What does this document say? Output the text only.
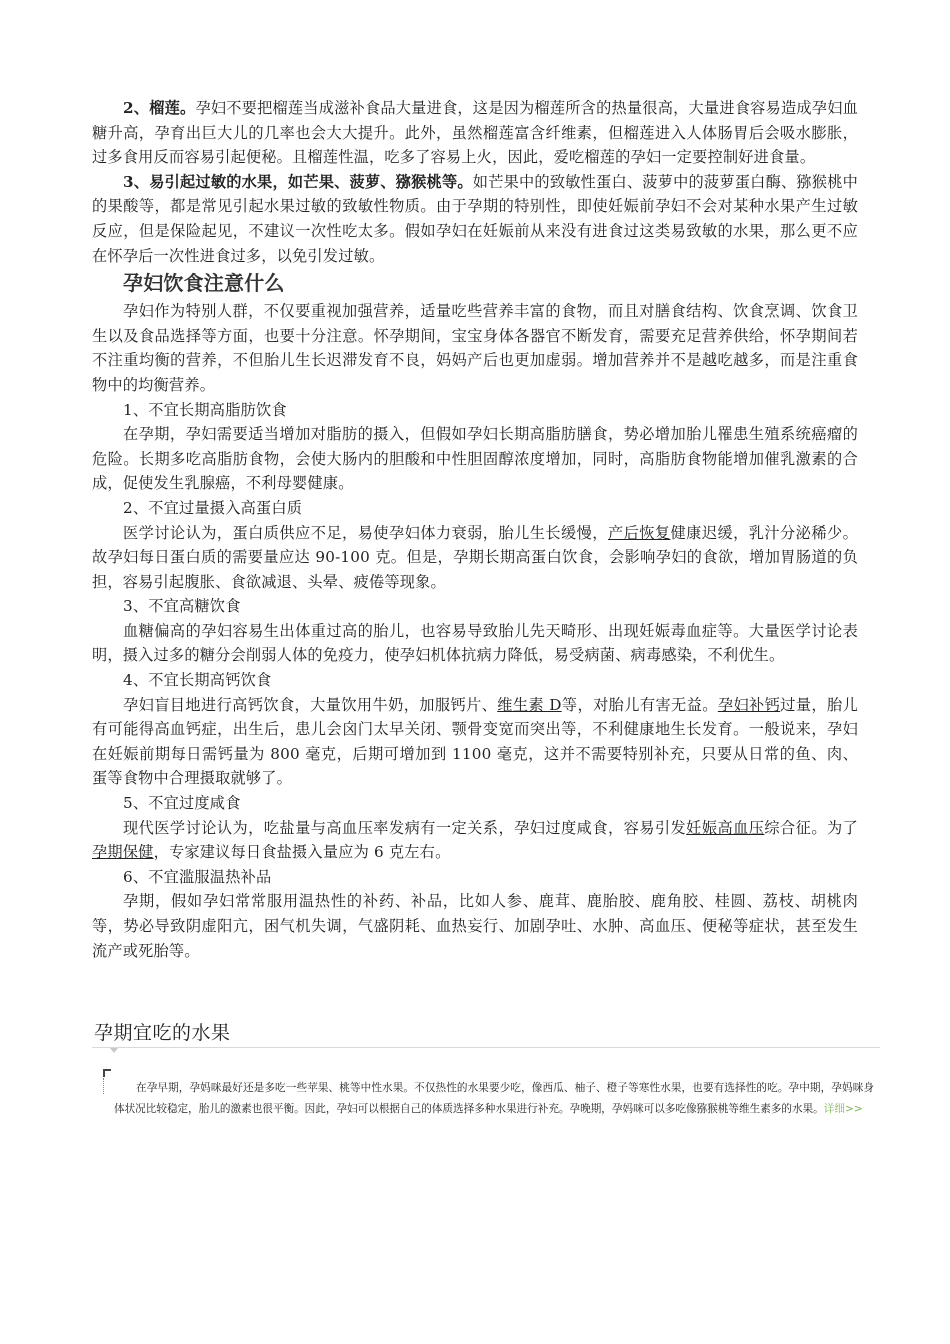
2、榴莲。孕妇不要把榴莲当成滋补食品大量进食，这是因为榴莲所含的热量很高，大量进食容易造成孕妇血糖升高，孕育出巨大儿的几率也会大大提升。此外，虽然榴莲富含纤维素，但榴莲进入人体肠胃后会吸水膨胀，过多食用反而容易引起便秘。且榴莲性温，吃多了容易上火，因此，爱吃榴莲的孕妇一定要控制好进食量。

3、易引起过敏的水果，如芒果、菠萝、猕猴桃等。如芒果中的致敏性蛋白、菠萝中的菠萝蛋白酶、猕猴桃中的果酸等，都是常见引起水果过敏的致敏性物质。由于孕期的特别性，即使妊娠前孕妇不会对某种水果产生过敏反应，但是保险起见，不建议一次性吃太多。假如孕妇在妊娠前从来没有进食过这类易致敏的水果，那么更不应在怀孕后一次性进食过多，以免引发过敏。

孕妇饮食注意什么

孕妇作为特别人群，不仅要重视加强营养，适量吃些营养丰富的食物，而且对膳食结构、饮食烹调、饮食卫生以及食品选择等方面，也要十分注意。怀孕期间，宝宝身体各器官不断发育，需要充足营养供给，怀孕期间若不注重均衡的营养，不但胎儿生长迟滞发育不良，妈妈产后也更加虚弱。增加营养并不是越吃越多，而是注重食物中的均衡营养。

1、不宜长期高脂肪饮食

在孕期，孕妇需要适当增加对脂肪的摄入，但假如孕妇长期高脂肪膳食，势必增加胎儿罹患生殖系统癌瘤的危险。长期多吃高脂肪食物，会使大肠内的胆酸和中性胆固醇浓度增加，同时，高脂肪食物能增加催乳激素的合成，促使发生乳腺癌，不利母婴健康。

2、不宜过量摄入高蛋白质

医学讨论认为，蛋白质供应不足，易使孕妇体力衰弱，胎儿生长缓慢，产后恢复健康迟缓，乳汁分泌稀少。故孕妇每日蛋白质的需要量应达 90-100 克。但是，孕期长期高蛋白饮食，会影响孕妇的食欲，增加胃肠道的负担，容易引起腹胀、食欲减退、头晕、疲倦等现象。

3、不宜高糖饮食

血糖偏高的孕妇容易生出体重过高的胎儿，也容易导致胎儿先天畸形、出现妊娠毒血症等。大量医学讨论表明，摄入过多的糖分会削弱人体的免疫力，使孕妇机体抗病力降低，易受病菌、病毒感染，不利优生。

4、不宜长期高钙饮食

孕妇盲目地进行高钙饮食，大量饮用牛奶，加服钙片、维生素 D等，对胎儿有害无益。孕妇补钙过量，胎儿有可能得高血钙症，出生后，患儿会囟门太早关闭、颚骨变宽而突出等，不利健康地生长发育。一般说来，孕妇在妊娠前期每日需钙量为 800 毫克，后期可增加到 1100 毫克，这并不需要特别补充，只要从日常的鱼、肉、蛋等食物中合理摄取就够了。

5、不宜过度咸食

现代医学讨论认为，吃盐量与高血压率发病有一定关系，孕妇过度咸食，容易引发妊娠高血压综合征。为了孕期保健，专家建议每日食盐摄入量应为 6 克左右。

6、不宜滥服温热补品

孕期，假如孕妇常常服用温热性的补药、补品，比如人参、鹿茸、鹿胎胶、鹿角胶、桂圆、荔枝、胡桃肉等，势必导致阴虚阳亢，困气机失调，气盛阴耗、血热妄行、加剧孕吐、水肿、高血压、便秘等症状，甚至发生流产或死胎等。

孕期宜吃的水果

在孕早期，孕妈咪最好还是多吃一些苹果、桃等中性水果。不仅热性的水果要少吃，像西瓜、柚子、橙子等寒性水果，也要有选择性的吃。孕中期，孕妈咪身体状况比较稳定，胎儿的激素也很平衡。因此，孕妇可以根据自己的体质选择多种水果进行补充。孕晚期，孕妈咪可以多吃像猕猴桃等维生素多的水果。详细>>
